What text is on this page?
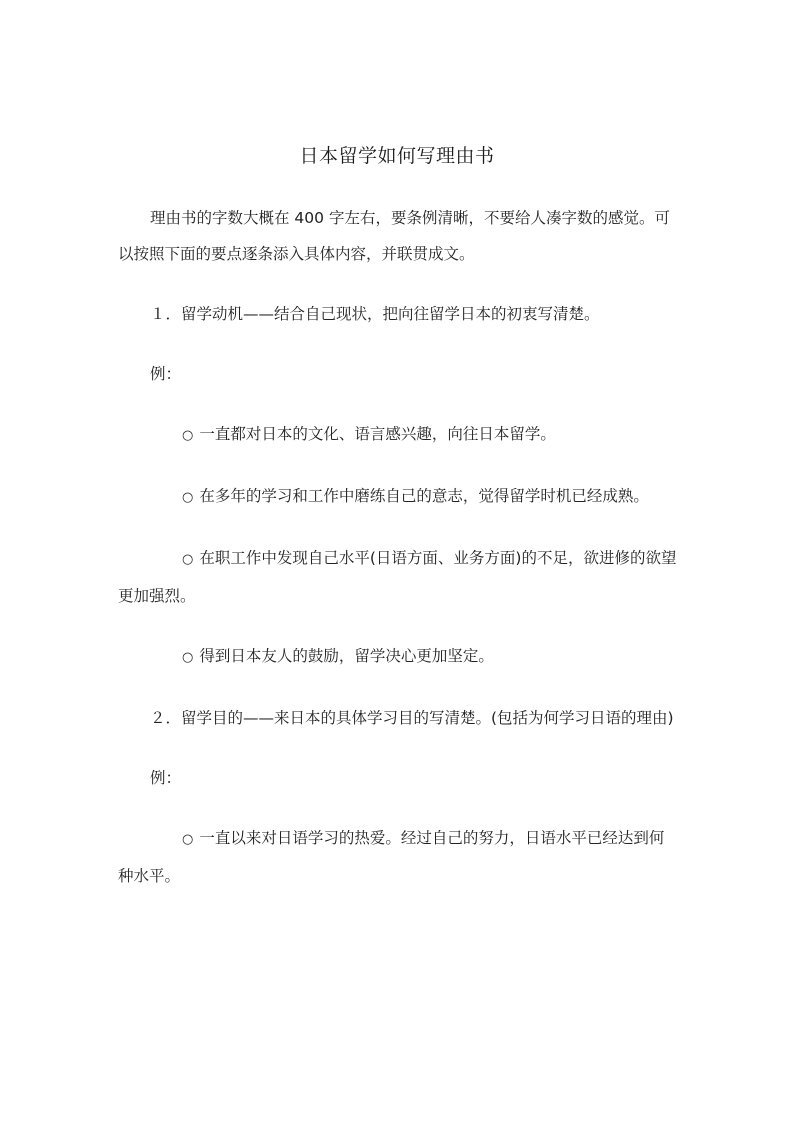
日本留学如何写理由书

理由书的字数大概在 400 字左右，要条例清晰，不要给人凑字数的感觉。可以按照下面的要点逐条添入具体内容，并联贯成文。

１．留学动机——结合自己现状，把向往留学日本的初衷写清楚。

例：

○ 一直都对日本的文化、语言感兴趣，向往日本留学。

○ 在多年的学习和工作中磨练自己的意志，觉得留学时机已经成熟。

○ 在职工作中发现自己水平(日语方面、业务方面)的不足，欲进修的欲望更加强烈。

○ 得到日本友人的鼓励，留学决心更加坚定。

２．留学目的——来日本的具体学习目的写清楚。(包括为何学习日语的理由)

例：

○ 一直以来对日语学习的热爱。经过自己的努力，日语水平已经达到何种水平。
